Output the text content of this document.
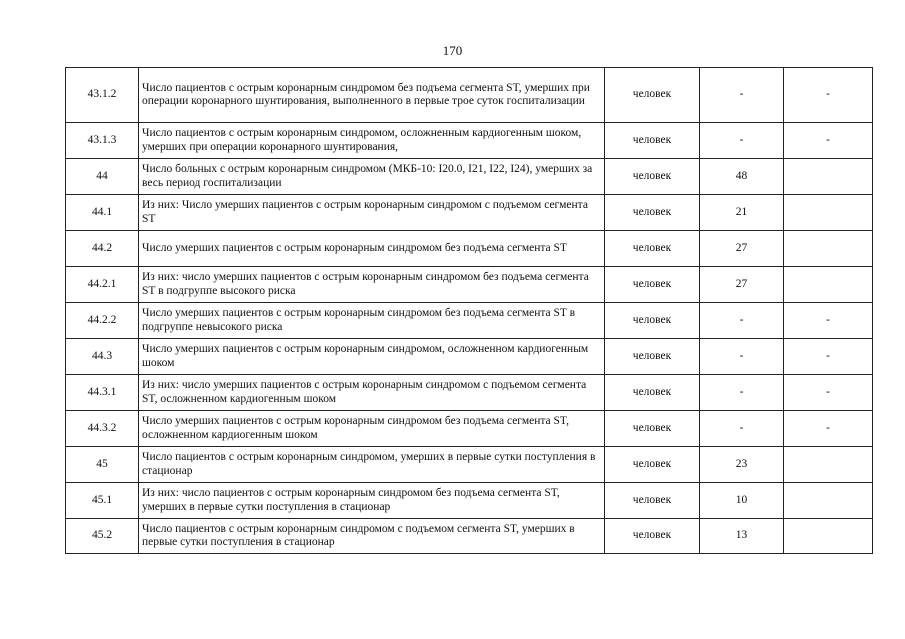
170
43.1.2	Число пациентов с острым коронарным синдромом без подъема сегмента ST, умерших при операции коронарного шунтирования, выполненного в первые трое суток госпитализации	человек	-	-
43.1.3	Число пациентов с острым коронарным синдромом, осложненным кардиогенным шоком, умерших при операции коронарного шунтирования,	человек	-	-
44	Число больных с острым коронарным синдромом (МКБ-10: I20.0, I21, I22, I24), умерших за весь период госпитализации	человек	48	
44.1	Из них: Число умерших пациентов с острым коронарным синдромом с подъемом сегмента ST	человек	21	
44.2	Число умерших пациентов с острым коронарным синдромом без подъема сегмента ST	человек	27	
44.2.1	Из них: число умерших пациентов с острым коронарным синдромом без подъема сегмента ST в подгруппе высокого риска	человек	27	
44.2.2	Число умерших пациентов с острым коронарным синдромом без подъема сегмента ST в подгруппе невысокого риска	человек	-	-
44.3	Число умерших пациентов с острым коронарным синдромом, осложненном кардиогенным шоком	человек	-	-
44.3.1	Из них: число умерших пациентов с острым коронарным синдромом с подъемом сегмента ST, осложненном кардиогенным шоком	человек	-	-
44.3.2	Число умерших пациентов с острым коронарным синдромом без подъема сегмента ST, осложненном кардиогенным шоком	человек	-	-
45	Число пациентов с острым коронарным синдромом, умерших в первые сутки поступления в стационар	человек	23	
45.1	Из них: число пациентов с острым коронарным синдромом без подъема сегмента ST, умерших в первые сутки поступления в стационар	человек	10	
45.2	Число пациентов с острым коронарным синдромом с подъемом сегмента ST, умерших в первые сутки поступления в стационар	человек	13	
